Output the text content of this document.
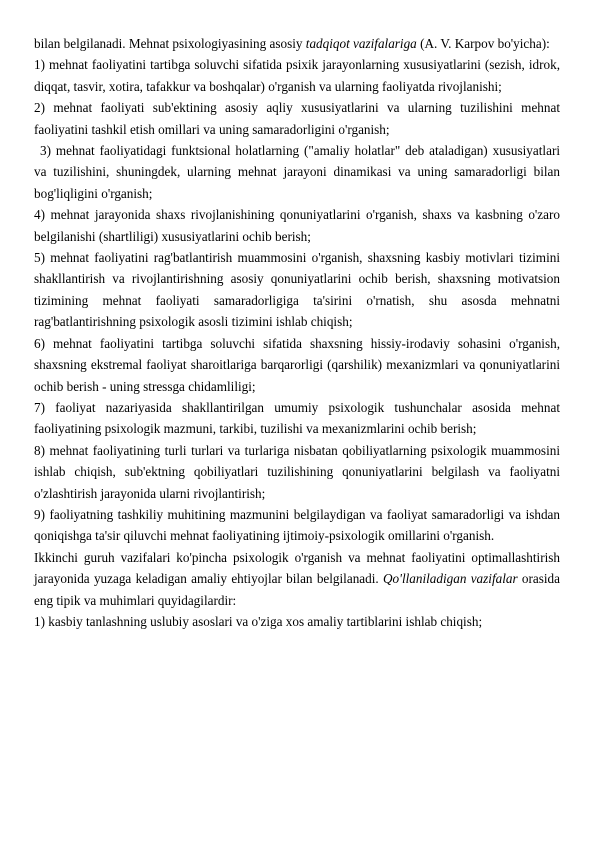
bilan belgilanadi. Mehnat psixologiyasining asosiy tadqiqot vazifalariga (A. V. Karpov bo'yicha):

1) mehnat faoliyatini tartibga soluvchi sifatida psixik jarayonlarning xususiyatlarini (sezish, idrok, diqqat, tasvir, xotira, tafakkur va boshqalar) o'rganish va ularning faoliyatda rivojlanishi;

2) mehnat faoliyati sub'ektining asosiy aqliy xususiyatlarini va ularning tuzilishini mehnat faoliyatini tashkil etish omillari va uning samaradorligini o'rganish;

3) mehnat faoliyatidagi funktsional holatlarning ("amaliy holatlar" deb ataladigan) xususiyatlari va tuzilishini, shuningdek, ularning mehnat jarayoni dinamikasi va uning samaradorligi bilan bog'liqligini o'rganish;

4) mehnat jarayonida shaxs rivojlanishining qonuniyatlarini o'rganish, shaxs va kasbning o'zaro belgilanishi (shartliligi) xususiyatlarini ochib berish;

5) mehnat faoliyatini rag'batlantirish muammosini o'rganish, shaxsning kasbiy motivlari tizimini shakllantirish va rivojlantirishning asosiy qonuniyatlarini ochib berish, shaxsning motivatsion tizimining mehnat faoliyati samaradorligiga ta'sirini o'rnatish, shu asosda mehnatni rag'batlantirishning psixologik asosli tizimini ishlab chiqish;

6) mehnat faoliyatini tartibga soluvchi sifatida shaxsning hissiy-irodaviy sohasini o'rganish, shaxsning ekstremal faoliyat sharoitlariga barqarorligi (qarshilik) mexanizmlari va qonuniyatlarini ochib berish - uning stressga chidamliligi;

7) faoliyat nazariyasida shakllantirilgan umumiy psixologik tushunchalar asosida mehnat faoliyatining psixologik mazmuni, tarkibi, tuzilishi va mexanizmlarini ochib berish;

8) mehnat faoliyatining turli turlari va turlariga nisbatan qobiliyatlarning psixologik muammosini ishlab chiqish, sub'ektning qobiliyatlari tuzilishining qonuniyatlarini belgilash va faoliyatni o'zlashtirish jarayonida ularni rivojlantirish;

9) faoliyatning tashkiliy muhitining mazmunini belgilaydigan va faoliyat samaradorligi va ishdan qoniqishga ta'sir qiluvchi mehnat faoliyatining ijtimoiy-psixologik omillarini o'rganish.

Ikkinchi guruh vazifalari ko'pincha psixologik o'rganish va mehnat faoliyatini optimallashtirish jarayonida yuzaga keladigan amaliy ehtiyojlar bilan belgilanadi. Qo'llaniladigan vazifalar orasida eng tipik va muhimlari quyidagilardir:

1) kasbiy tanlashning uslubiy asoslari va o'ziga xos amaliy tartiblarini ishlab chiqish;
